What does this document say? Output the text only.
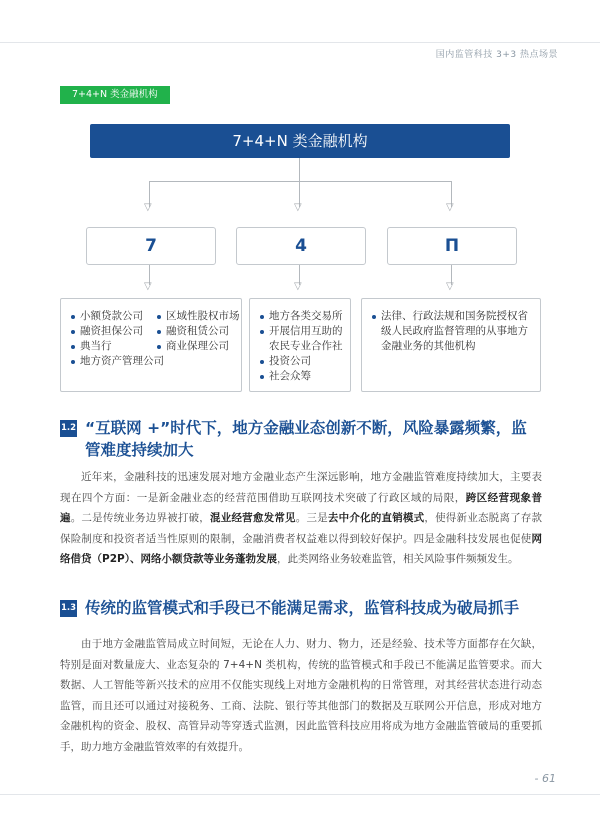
国内监管科技 3+3 热点场景
7+4+N 类金融机构
7+4+N 类金融机构
▽	▽	▽
7	4	Π
▽	▽	▽
小额贷款公司
融资担保公司
典当行
地方资产管理公司
区域性股权市场
融资租赁公司
商业保理公司
地方各类交易所
开展信用互助的农民专业合作社
投资公司
社会众筹
法律、行政法规和国务院授权省级人民政府监督管理的从事地方金融业务的其他机构
1.2 “互联网 +”时代下，地方金融业态创新不断，风险暴露频繁，监管难度持续加大

近年来，金融科技的迅速发展对地方金融业态产生深远影响，地方金融监管难度持续加大，主要表现在四个方面：一是新金融业态的经营范围借助互联网技术突破了行政区域的局限，跨区经营现象普遍。二是传统业务边界被打破，混业经营愈发常见。三是去中介化的直销模式，使得新业态脱离了存款保险制度和投资者适当性原则的限制，金融消费者权益难以得到较好保护。四是金融科技发展也促使网络借贷（P2P）、网络小额贷款等业务蓬勃发展，此类网络业务较难监管，相关风险事件频频发生。

1.3 传统的监管模式和手段已不能满足需求，监管科技成为破局抓手

由于地方金融监管局成立时间短，无论在人力、财力、物力，还是经验、技术等方面都存在欠缺，特别是面对数量庞大、业态复杂的 7+4+N 类机构，传统的监管模式和手段已不能满足监管要求。而大数据、人工智能等新兴技术的应用不仅能实现线上对地方金融机构的日常管理，对其经营状态进行动态监管，而且还可以通过对接税务、工商、法院、银行等其他部门的数据及互联网公开信息，形成对地方金融机构的资金、股权、高管异动等穿透式监测，因此监管科技应用将成为地方金融监管破局的重要抓手，助力地方金融监管效率的有效提升。

- 61
